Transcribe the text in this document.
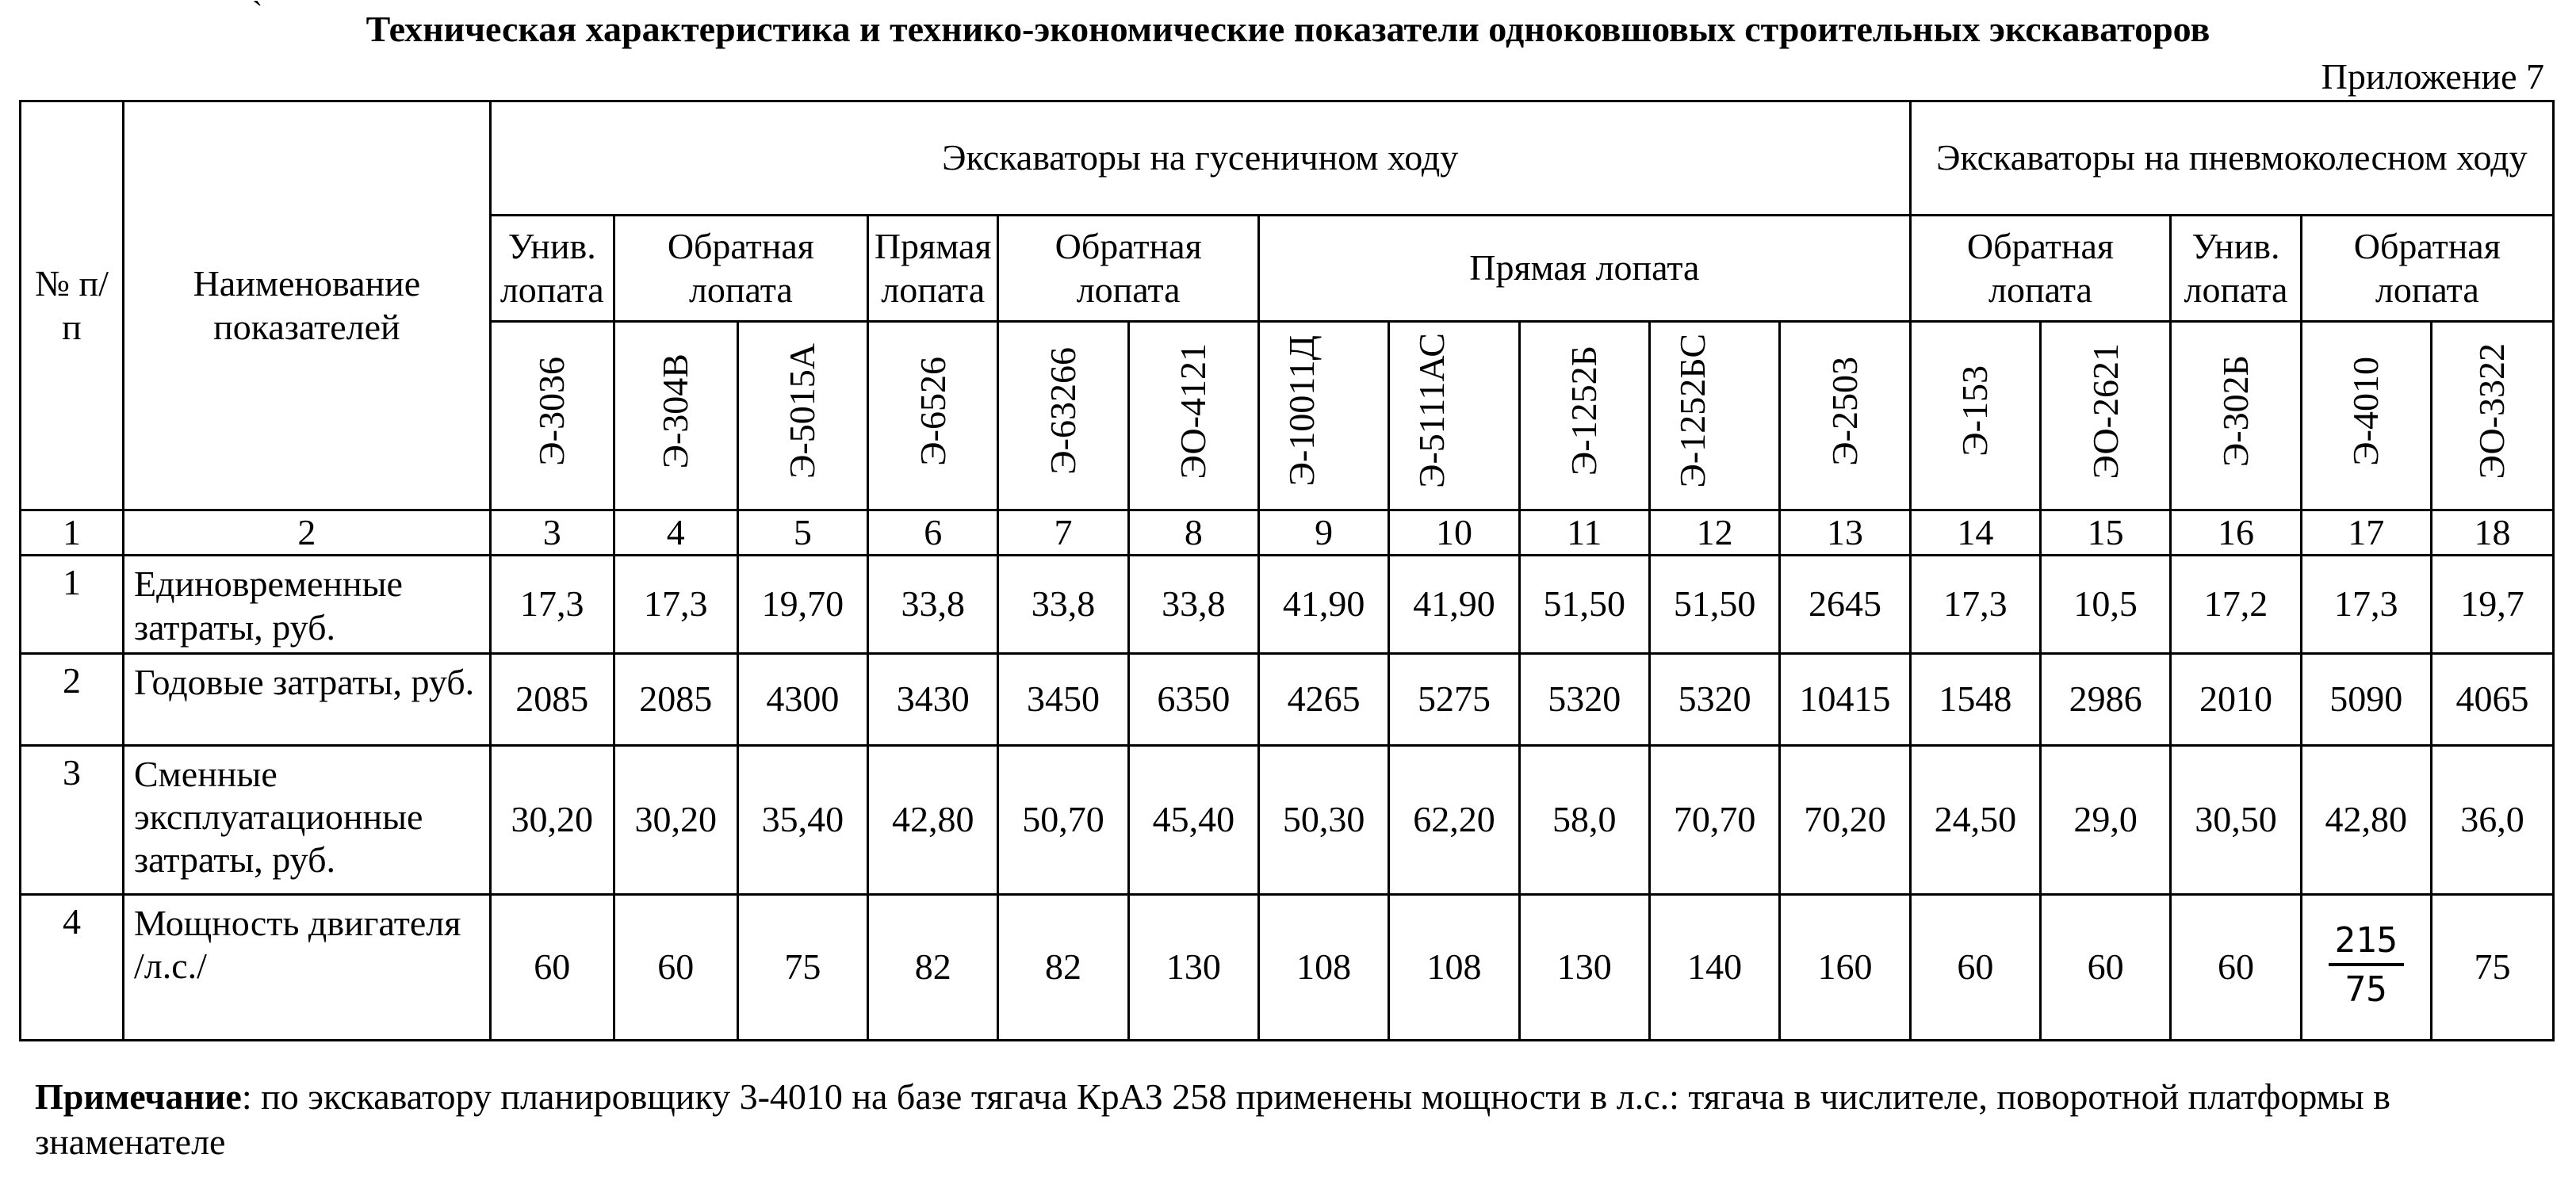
Техническая характеристика и технико-экономические показатели одноковшовых строительных экскаваторов
`
Приложение 7
№ п/п	Наименование показателей	Экскаваторы на гусеничном ходу											Экскаваторы на пневмоколесном ходу				
		Унив. лопата	Обратная лопата		Прямая лопата	Обратная лопата		Прямая лопата					Обратная лопата		Унив. лопата	Обратная лопата	
		Э-3036	Э-304В	Э-5015А	Э-6526	Э-63266	ЭО-4121	Э-10011Д	Э-5111АС	Э-1252Б	Э-1252БС	Э-2503	Э-153	ЭО-2621	Э-302Б	Э-4010	ЭО-3322
1	2	3	4	5	6	7	8	9	10	11	12	13	14	15	16	17	18
1	Единовременные затраты, руб.	17,3	17,3	19,70	33,8	33,8	33,8	41,90	41,90	51,50	51,50	2645	17,3	10,5	17,2	17,3	19,7
2	Годовые затраты, руб.	2085	2085	4300	3430	3450	6350	4265	5275	5320	5320	10415	1548	2986	2010	5090	4065
3	Сменные эксплуатационные затраты, руб.	30,20	30,20	35,40	42,80	50,70	45,40	50,30	62,20	58,0	70,70	70,20	24,50	29,0	30,50	42,80	36,0
4	Мощность двигателя /л.с./	60	60	75	82	82	130	108	108	130	140	160	60	60	60	$\frac{215}{75}$	75
Примечание: по экскаватору планировщику 3-4010 на базе тягача КрАЗ 258 применены мощности в л.с.: тягача в числителе, поворотной платформы в знаменателе
